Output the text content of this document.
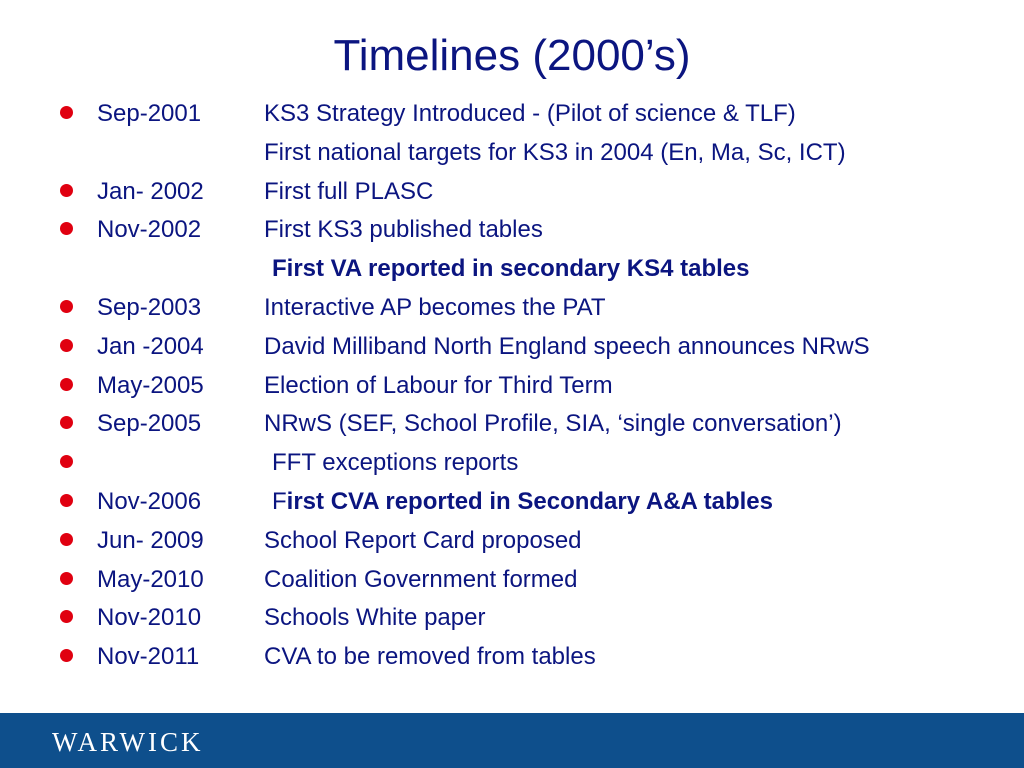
Timelines (2000’s)
Sep-2001	KS3 Strategy Introduced - (Pilot of science & TLF)
First national targets for KS3 in 2004 (En, Ma, Sc, ICT)
Jan- 2002	First full PLASC
Nov-2002	First KS3 published tables
First VA reported in secondary KS4 tables
Sep-2003	Interactive AP becomes the PAT
Jan -2004	David Milliband North England speech announces NRwS
May-2005	Election of Labour for Third Term
Sep-2005	NRwS (SEF, School Profile, SIA, ‘single conversation’)
FFT exceptions reports
Nov-2006	First CVA reported in Secondary A&A tables
Jun- 2009	School Report Card proposed
May-2010	Coalition Government formed
Nov-2010	Schools White paper
Nov-2011	CVA to be removed from tables
WARWICK
